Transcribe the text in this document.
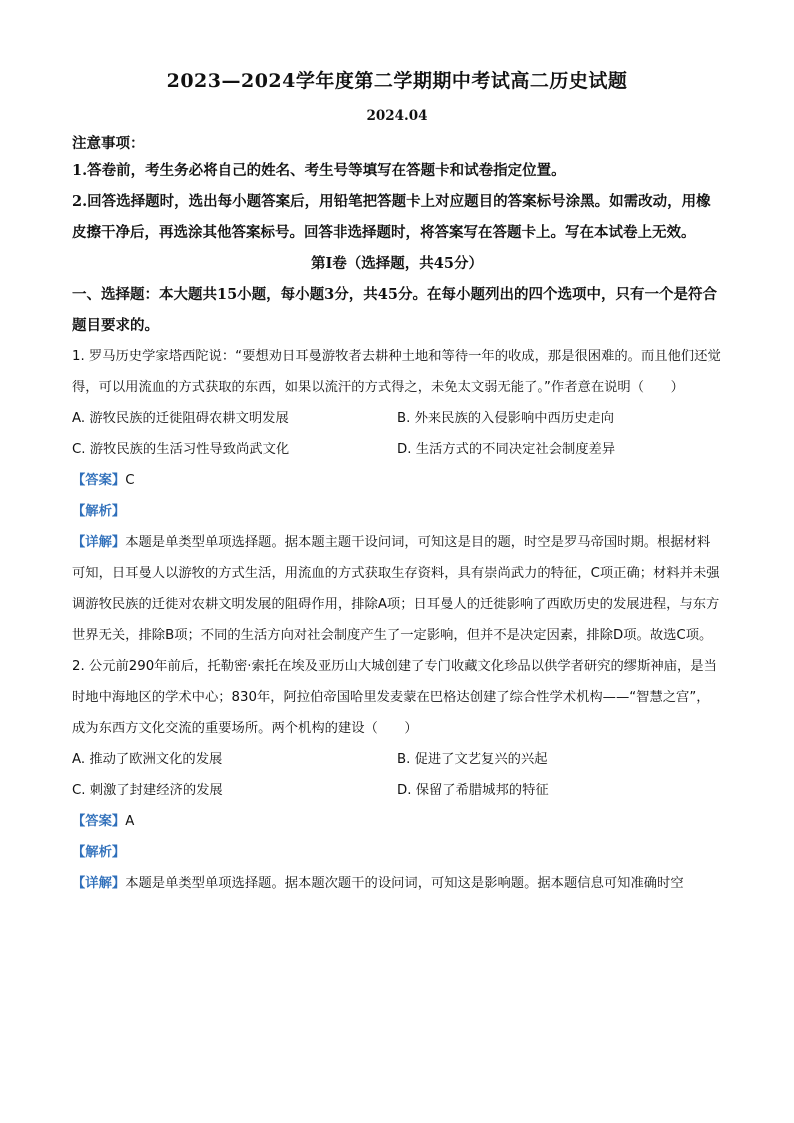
2023—2024学年度第二学期期中考试高二历史试题
2024.04
注意事项：
1.答卷前，考生务必将自己的姓名、考生号等填写在答题卡和试卷指定位置。
2.回答选择题时，选出每小题答案后，用铅笔把答题卡上对应题目的答案标号涂黑。如需改动，用橡皮擦干净后，再选涂其他答案标号。回答非选择题时，将答案写在答题卡上。写在本试卷上无效。
第Ⅰ卷（选择题，共45分）
一、选择题：本大题共15小题，每小题3分，共45分。在每小题列出的四个选项中，只有一个是符合题目要求的。
1. 罗马历史学家塔西陀说：“要想劝日耳曼游牧者去耕种土地和等待一年的收成，那是很困难的。而且他们还觉得，可以用流血的方式获取的东西，如果以流汗的方式得之，未免太文弱无能了。”作者意在说明（　　）
A. 游牧民族的迁徙阻碍农耕文明发展	B. 外来民族的入侵影响中西历史走向
C. 游牧民族的生活习性导致尚武文化	D. 生活方式的不同决定社会制度差异
【答案】C
【解析】
【详解】本题是单类型单项选择题。据本题主题干设问词，可知这是目的题，时空是罗马帝国时期。根据材料可知，日耳曼人以游牧的方式生活，用流血的方式获取生存资料，具有崇尚武力的特征，C项正确；材料并未强调游牧民族的迁徙对农耕文明发展的阻碍作用，排除A项；日耳曼人的迁徙影响了西欧历史的发展进程，与东方世界无关，排除B项；不同的生活方向对社会制度产生了一定影响，但并不是决定因素，排除D项。故选C项。
2. 公元前290年前后，托勒密·索托在埃及亚历山大城创建了专门收藏文化珍品以供学者研究的缪斯神庙，是当时地中海地区的学术中心；830年，阿拉伯帝国哈里发麦蒙在巴格达创建了综合性学术机构——“智慧之宫”，成为东西方文化交流的重要场所。两个机构的建设（　　）
A. 推动了欧洲文化的发展	B. 促进了文艺复兴的兴起
C. 刺激了封建经济的发展	D. 保留了希腊城邦的特征
【答案】A
【解析】
【详解】本题是单类型单项选择题。据本题次题干的设问词，可知这是影响题。据本题信息可知准确时空
